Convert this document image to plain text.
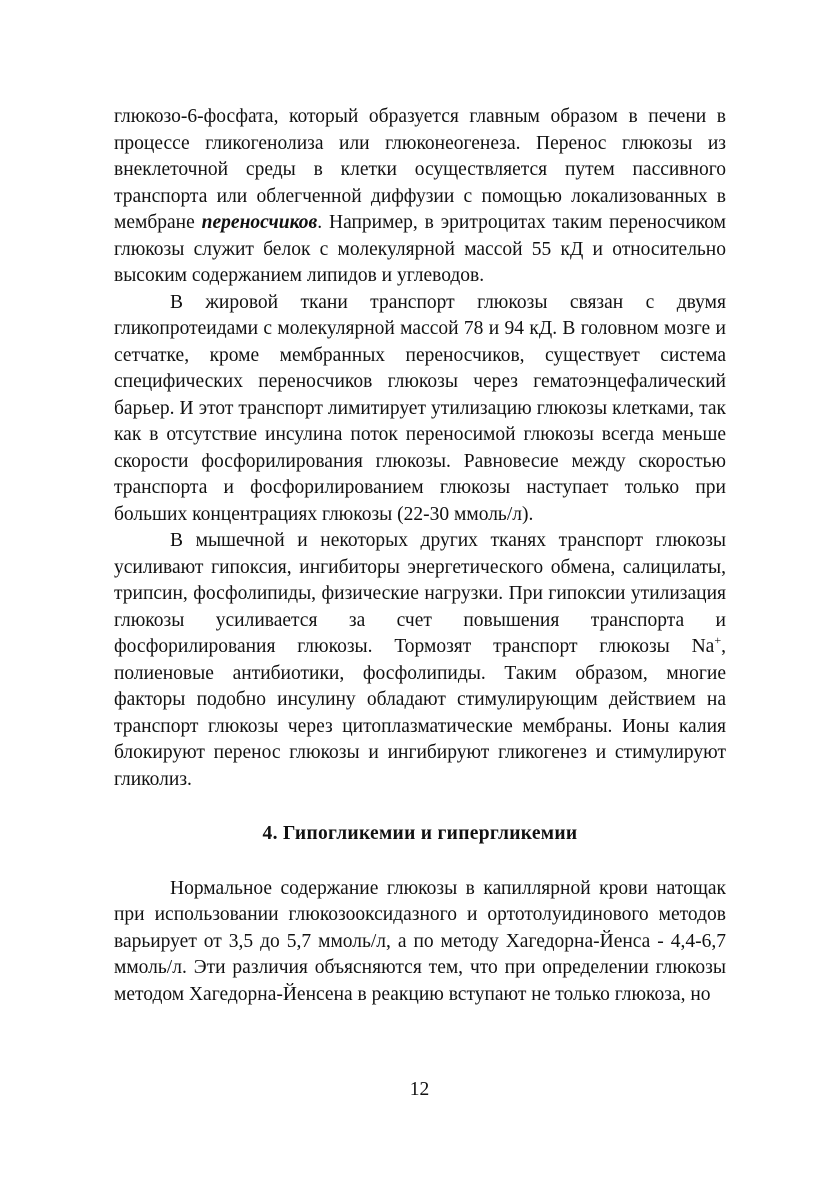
глюкозо-6-фосфата, который образуется главным образом в печени в процессе гликогенолиза или глюконеогенеза. Перенос глюкозы из внеклеточной среды в клетки осуществляется путем пассивного транспорта или облегченной диффузии с помощью локализованных в мембране переносчиков. Например, в эритроцитах таким переносчиком глюкозы служит белок с молекулярной массой 55 кД и относительно высоким содержанием липидов и углеводов.

В жировой ткани транспорт глюкозы связан с двумя гликопротеидами с молекулярной массой 78 и 94 кД. В головном мозге и сетчатке, кроме мембранных переносчиков, существует система специфических переносчиков глюкозы через гематоэнцефалический барьер. И этот транспорт лимитирует утилизацию глюкозы клетками, так как в отсутствие инсулина поток переносимой глюкозы всегда меньше скорости фосфорилирования глюкозы. Равновесие между скоростью транспорта и фосфорилированием глюкозы наступает только при больших концентрациях глюкозы (22-30 ммоль/л).

В мышечной и некоторых других тканях транспорт глюкозы усиливают гипоксия, ингибиторы энергетического обмена, салицилаты, трипсин, фосфолипиды, физические нагрузки. При гипоксии утилизация глюкозы усиливается за счет повышения транспорта и фосфорилирования глюкозы. Тормозят транспорт глюкозы Na+, полиеновые антибиотики, фосфолипиды. Таким образом, многие факторы подобно инсулину обладают стимулирующим действием на транспорт глюкозы через цитоплазматические мембраны. Ионы калия блокируют перенос глюкозы и ингибируют гликогенез и стимулируют гликолиз.

4. Гипогликемии и гипергликемии

Нормальное содержание глюкозы в капиллярной крови натощак при использовании глюкозооксидазного и ортотолуидинового методов варьирует от 3,5 до 5,7 ммоль/л, а по методу Хагедорна-Йенса - 4,4-6,7 ммоль/л. Эти различия объясняются тем, что при определении глюкозы методом Хагедорна-Йенсена в реакцию вступают не только глюкоза, но

12
